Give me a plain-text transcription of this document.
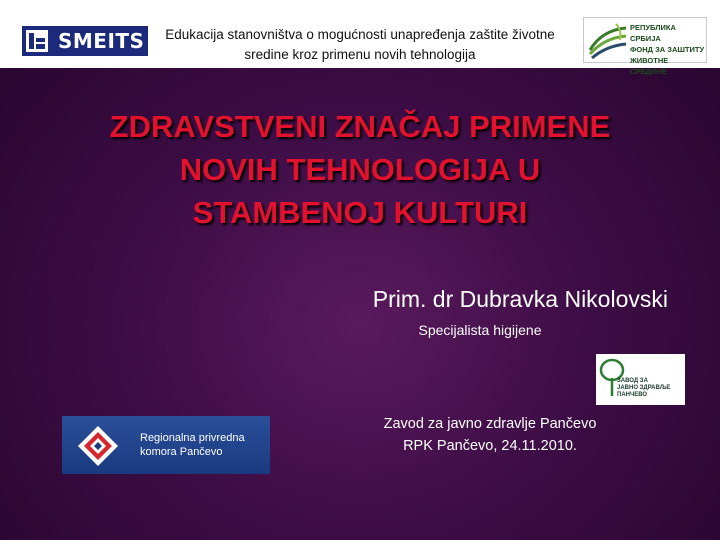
SMEITS	Edukacija stanovništva o mogućnosti unapređenja zaštite životne sredine kroz primenu novih tehnologija
РЕПУБЛИКА СРБИЈА
ФОНД ЗА ЗАШТИТУ
ЖИВОТНЕ СРЕДИНЕ
ZDRAVSTVENI ZNAČAJ PRIMENE
NOVIH TEHNOLOGIJA U
STAMBENOJ KULTURI
Prim. dr Dubravka Nikolovski
Specijalista higijene
ЗАВОД ЗА
ЈАВНО ЗДРАВЉЕ
ПАНЧЕВО
Zavod za javno zdravlje Pančevo
RPK Pančevo, 24.11.2010.
Regionalna privredna
komora Pančevo
